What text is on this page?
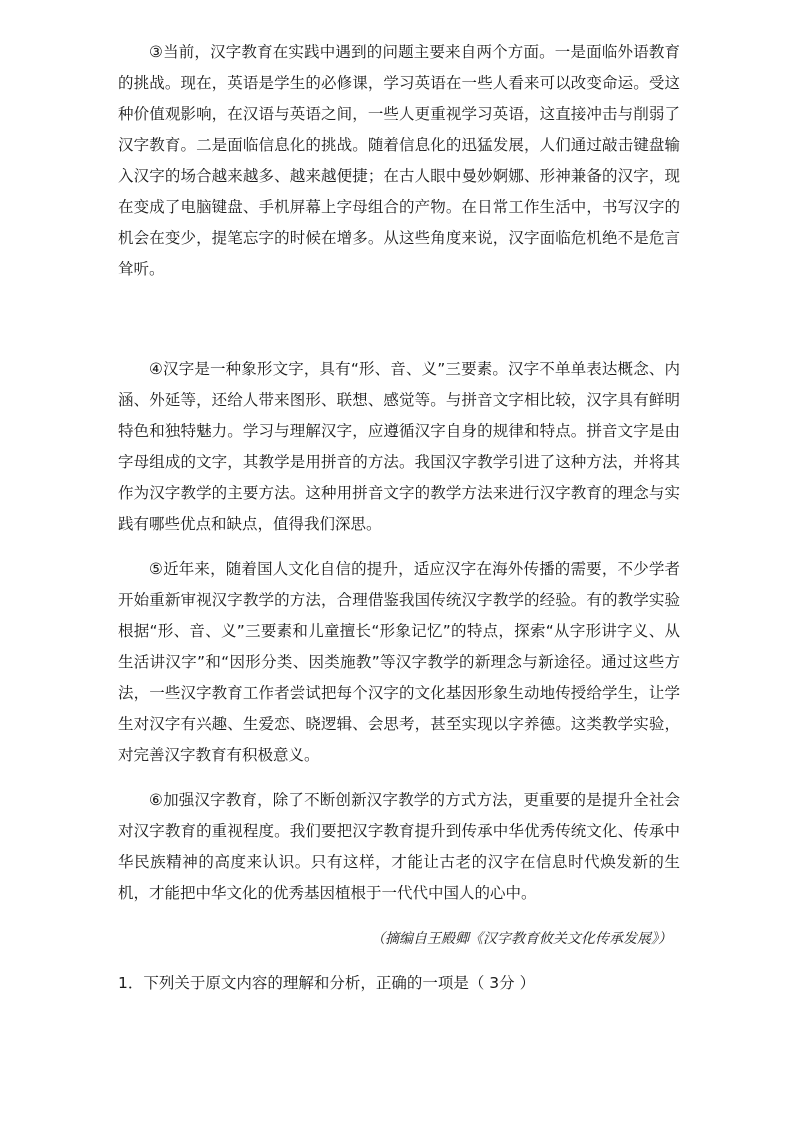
③当前，汉字教育在实践中遇到的问题主要来自两个方面。一是面临外语教育的挑战。现在，英语是学生的必修课，学习英语在一些人看来可以改变命运。受这种价值观影响，在汉语与英语之间，一些人更重视学习英语，这直接冲击与削弱了汉字教育。二是面临信息化的挑战。随着信息化的迅猛发展，人们通过敲击键盘输入汉字的场合越来越多、越来越便捷；在古人眼中曼妙婀娜、形神兼备的汉字，现在变成了电脑键盘、手机屏幕上字母组合的产物。在日常工作生活中，书写汉字的机会在变少，提笔忘字的时候在增多。从这些角度来说，汉字面临危机绝不是危言耸听。

④汉字是一种象形文字，具有“形、音、义”三要素。汉字不单单表达概念、内涵、外延等，还给人带来图形、联想、感觉等。与拼音文字相比较，汉字具有鲜明特色和独特魅力。学习与理解汉字，应遵循汉字自身的规律和特点。拼音文字是由字母组成的文字，其教学是用拼音的方法。我国汉字教学引进了这种方法，并将其作为汉字教学的主要方法。这种用拼音文字的教学方法来进行汉字教育的理念与实践有哪些优点和缺点，值得我们深思。

⑤近年来，随着国人文化自信的提升，适应汉字在海外传播的需要，不少学者开始重新审视汉字教学的方法，合理借鉴我国传统汉字教学的经验。有的教学实验根据“形、音、义”三要素和儿童擅长“形象记忆”的特点，探索“从字形讲字义、从生活讲汉字”和“因形分类、因类施教”等汉字教学的新理念与新途径。通过这些方法，一些汉字教育工作者尝试把每个汉字的文化基因形象生动地传授给学生，让学生对汉字有兴趣、生爱恋、晓逻辑、会思考，甚至实现以字养德。这类教学实验，对完善汉字教育有积极意义。

⑥加强汉字教育，除了不断创新汉字教学的方式方法，更重要的是提升全社会对汉字教育的重视程度。我们要把汉字教育提升到传承中华优秀传统文化、传承中华民族精神的高度来认识。只有这样，才能让古老的汉字在信息时代焕发新的生机，才能把中华文化的优秀基因植根于一代代中国人的心中。

（摘编自王殿卿《汉字教育攸关文化传承发展》）

1．下列关于原文内容的理解和分析，正确的一项是（ 3分 ）
